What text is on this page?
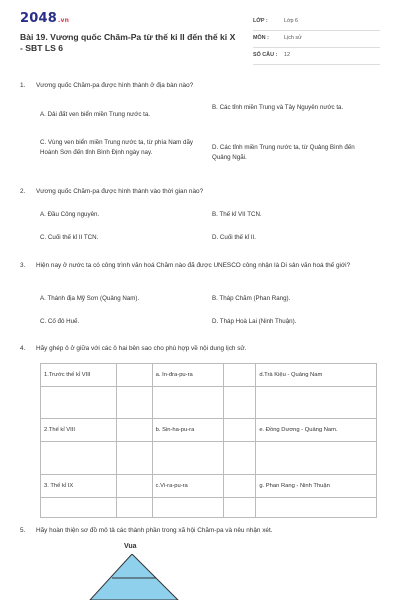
2048.vn
Bài 19. Vương quốc Chăm-Pa từ thế kỉ II đến thế kỉ X - SBT LS 6
LỚP :	Lớp 6
MÔN :	Lịch sử
SỐ CÂU : 12
1. Vương quốc Chăm-pa được hình thành ở địa bàn nào?
A. Dải đất ven biển miền Trung nước ta.
B. Các tỉnh miền Trung và Tây Nguyên nước ta.
C. Vùng ven biển miền Trung nước ta, từ phía Nam dãy Hoành Sơn đến tỉnh Bình Định ngày nay.
D. Các tỉnh miền Trung nước ta, từ Quảng Bình đến Quảng Ngãi.
2. Vương quốc Chăm-pa được hình thành vào thời gian nào?
A. Đầu Công nguyên.	B. Thế kỉ VII TCN.
C. Cuối thế kỉ II TCN.	D. Cuối thế kỉ II.
3. Hiện nay ở nước ta có công trình văn hoá Chăm nào đã được UNESCO công nhận là Di sản văn hoá thế giới?
A. Thánh địa Mỹ Sơn (Quảng Nam).	B. Tháp Chăm (Phan Rang).
C. Cố đô Huế.	D. Tháp Hoà Lai (Ninh Thuận).
4. Hãy ghép ô ở giữa với các ô hai bên sao cho phù hợp về nội dung lịch sử.
1.Trước thế kỉ VIII		a. In-đra-pu-ra		d.Trà Kiệu - Quảng Nam

2.Thế kỉ VIII		b. Sin-ha-pu-ra		e. Đồng Dương - Quảng Nam.

3. Thế kỉ IX		c.Vi-ra-pu-ra		g. Phan Rang - Ninh Thuận

5. Hãy hoàn thiện sơ đồ mô tả các thành phần trong xã hội Chăm-pa và nêu nhận xét.
Vua
